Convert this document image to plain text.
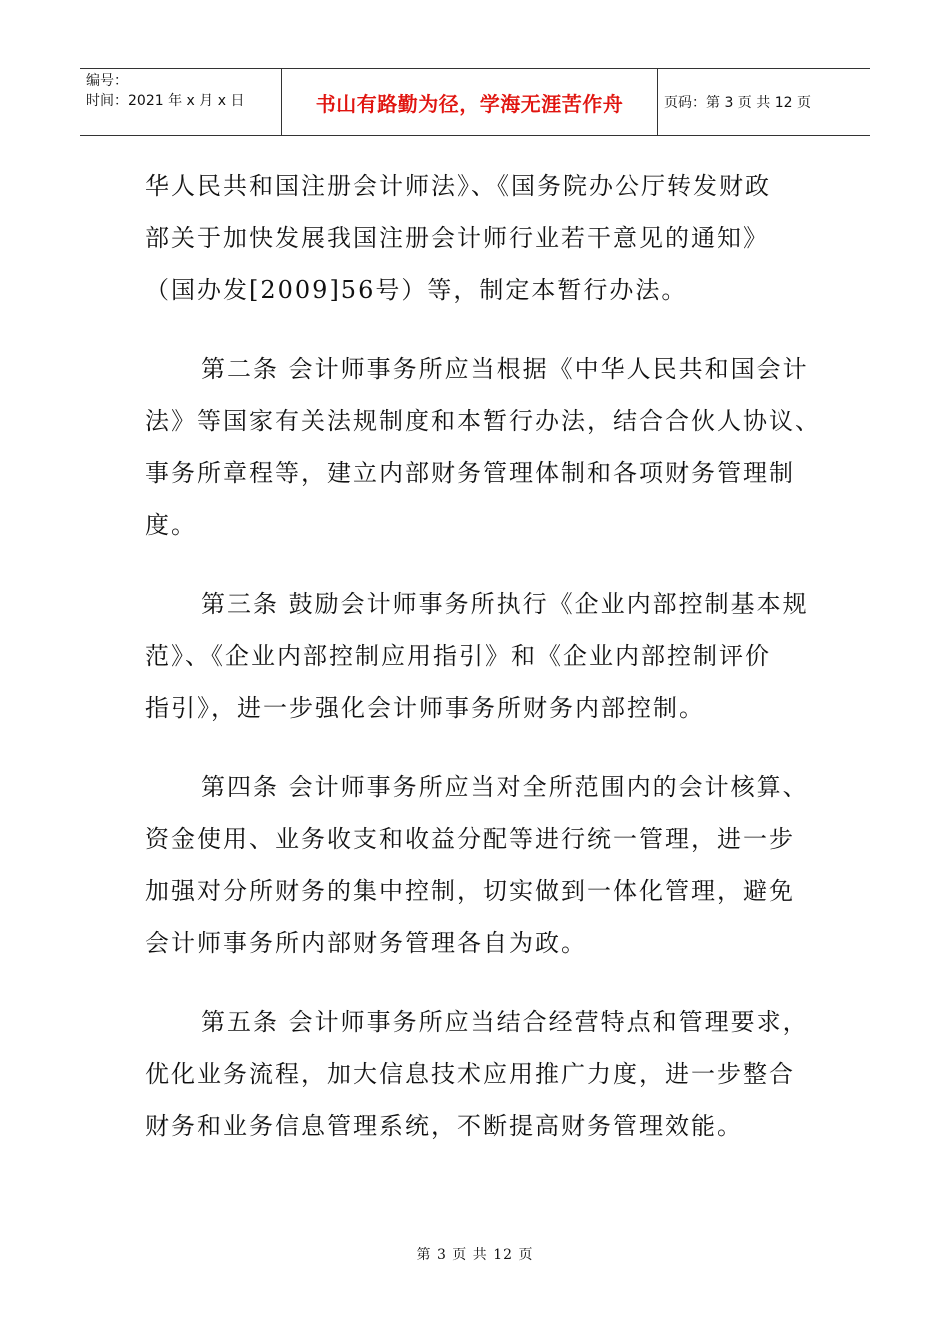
编号：
时间：2021 年 x 月 x 日	书山有路勤为径，学海无涯苦作舟	页码：第 3 页 共 12 页
华人民共和国注册会计师法》、《国务院办公厅转发财政
部关于加快发展我国注册会计师行业若干意见的通知》
（国办发[2009]56号）等，制定本暂行办法。
第二条 会计师事务所应当根据《中华人民共和国会计
法》等国家有关法规制度和本暂行办法，结合合伙人协议、
事务所章程等，建立内部财务管理体制和各项财务管理制
度。
第三条 鼓励会计师事务所执行《企业内部控制基本规
范》、《企业内部控制应用指引》和《企业内部控制评价
指引》，进一步强化会计师事务所财务内部控制。
第四条 会计师事务所应当对全所范围内的会计核算、
资金使用、业务收支和收益分配等进行统一管理，进一步
加强对分所财务的集中控制，切实做到一体化管理，避免
会计师事务所内部财务管理各自为政。
第五条 会计师事务所应当结合经营特点和管理要求，
优化业务流程，加大信息技术应用推广力度，进一步整合
财务和业务信息管理系统，不断提高财务管理效能。
第 3 页 共 12 页
